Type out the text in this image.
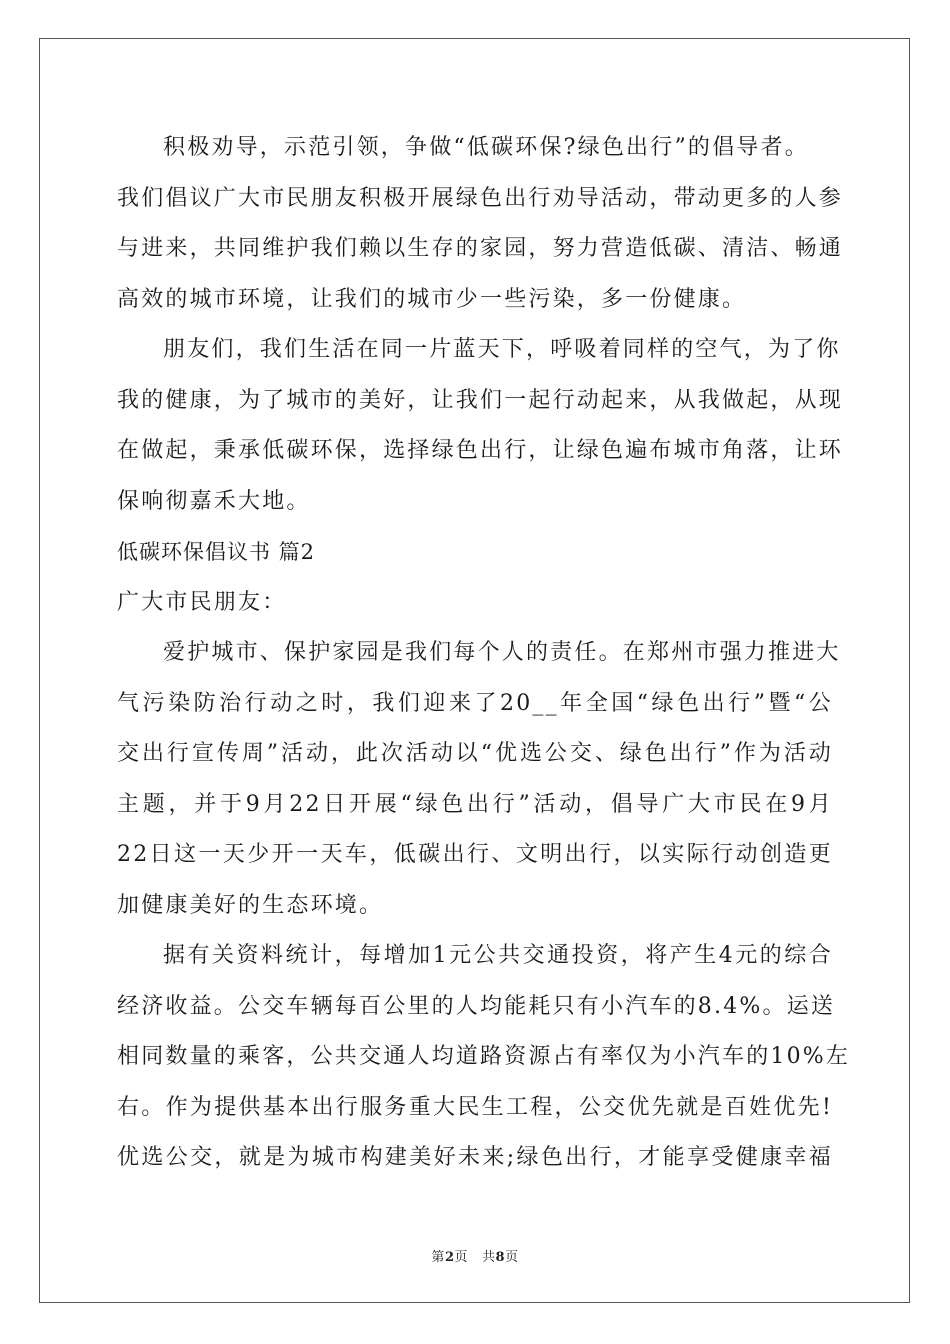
积极劝导，示范引领，争做“低碳环保?绿色出行”的倡导者。
我们倡议广大市民朋友积极开展绿色出行劝导活动，带动更多的人参
与进来，共同维护我们赖以生存的家园，努力营造低碳、清洁、畅通
高效的城市环境，让我们的城市少一些污染，多一份健康。
朋友们，我们生活在同一片蓝天下，呼吸着同样的空气，为了你
我的健康，为了城市的美好，让我们一起行动起来，从我做起，从现
在做起，秉承低碳环保，选择绿色出行，让绿色遍布城市角落，让环
保响彻嘉禾大地。
低碳环保倡议书 篇2
广大市民朋友：
爱护城市、保护家园是我们每个人的责任。在郑州市强力推进大
气污染防治行动之时，我们迎来了20__年全国“绿色出行”暨“公
交出行宣传周”活动，此次活动以“优选公交、绿色出行”作为活动
主题，并于9月22日开展“绿色出行”活动，倡导广大市民在9月
22日这一天少开一天车，低碳出行、文明出行，以实际行动创造更
加健康美好的生态环境。
据有关资料统计，每增加1元公共交通投资，将产生4元的综合
经济收益。公交车辆每百公里的人均能耗只有小汽车的8.4%。运送
相同数量的乘客，公共交通人均道路资源占有率仅为小汽车的10%左
右。作为提供基本出行服务重大民生工程，公交优先就是百姓优先!
优选公交，就是为城市构建美好未来;绿色出行，才能享受健康幸福
第2页 共8页
